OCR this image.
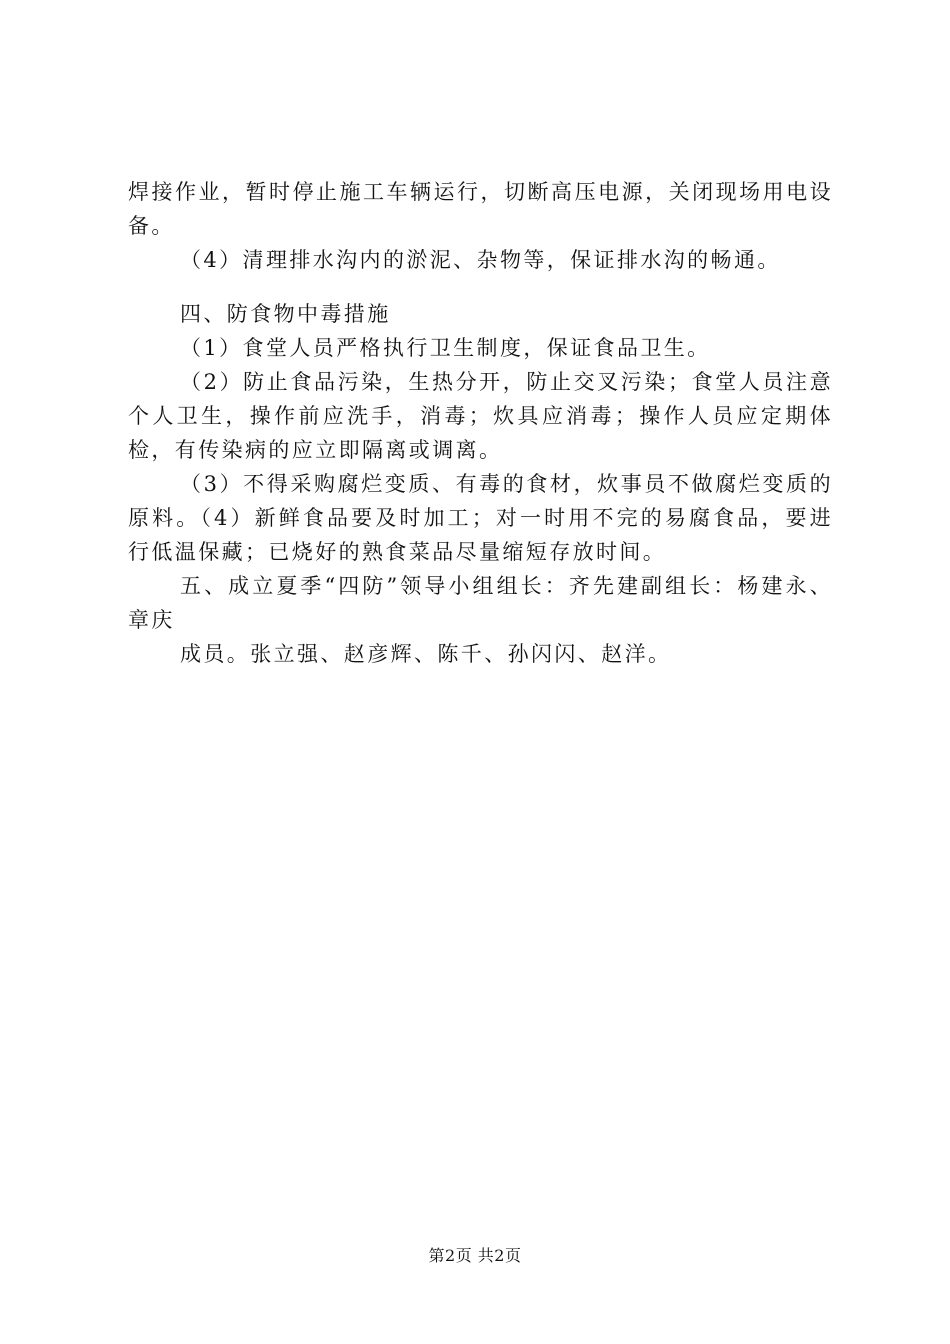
焊接作业，暂时停止施工车辆运行，切断高压电源，关闭现场用电设备。

（4）清理排水沟内的淤泥、杂物等，保证排水沟的畅通。

四、防食物中毒措施

（1）食堂人员严格执行卫生制度，保证食品卫生。

（2）防止食品污染，生热分开，防止交叉污染；食堂人员注意个人卫生，操作前应洗手，消毒；炊具应消毒；操作人员应定期体检，有传染病的应立即隔离或调离。

（3）不得采购腐烂变质、有毒的食材，炊事员不做腐烂变质的原料。（4）新鲜食品要及时加工；对一时用不完的易腐食品，要进行低温保藏；已烧好的熟食菜品尽量缩短存放时间。

五、成立夏季“四防”领导小组组长：齐先建副组长：杨建永、章庆

成员。张立强、赵彦辉、陈千、孙闪闪、赵洋。

第2页 共2页
